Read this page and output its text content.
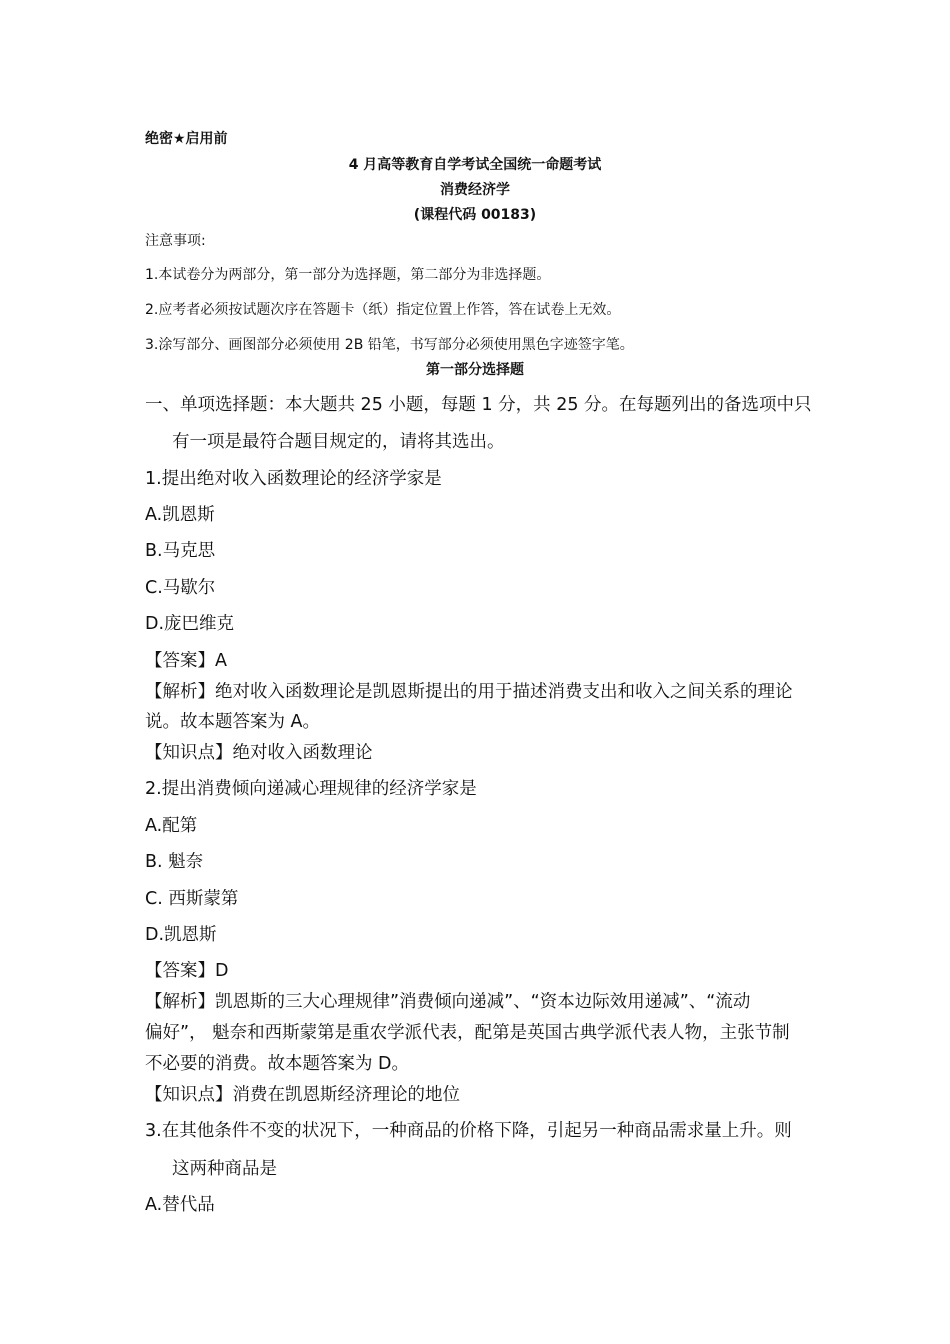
绝密★启用前
4 月高等教育自学考试全国统一命题考试
消费经济学
(课程代码 00183)
注意事项:
1.本试卷分为两部分，第一部分为选择题，第二部分为非选择题。
2.应考者必须按试题次序在答题卡（纸）指定位置上作答，答在试卷上无效。
3.涂写部分、画图部分必须使用 2B 铅笔，书写部分必须使用黑色字迹签字笔。
第一部分选择题
一、单项选择题：本大题共 25 小题，每题 1 分，共 25 分。在每题列出的备选项中只
有一项是最符合题目规定的，请将其选出。
1.提出绝对收入函数理论的经济学家是
A.凯恩斯
B.马克思
C.马歇尔
D.庞巴维克
【答案】A
【解析】绝对收入函数理论是凯恩斯提出的用于描述消费支出和收入之间关系的理论
说。故本题答案为 A。
【知识点】绝对收入函数理论
2.提出消费倾向递减心理规律的经济学家是
A.配第
B. 魁奈
C. 西斯蒙第
D.凯恩斯
【答案】D
【解析】凯恩斯的三大心理规律”消费倾向递减”、“资本边际效用递减”、“流动
偏好”， 魁奈和西斯蒙第是重农学派代表，配第是英国古典学派代表人物，主张节制
不必要的消费。故本题答案为 D。
【知识点】消费在凯恩斯经济理论的地位
3.在其他条件不变的状况下，一种商品的价格下降，引起另一种商品需求量上升。则
这两种商品是
A.替代品
